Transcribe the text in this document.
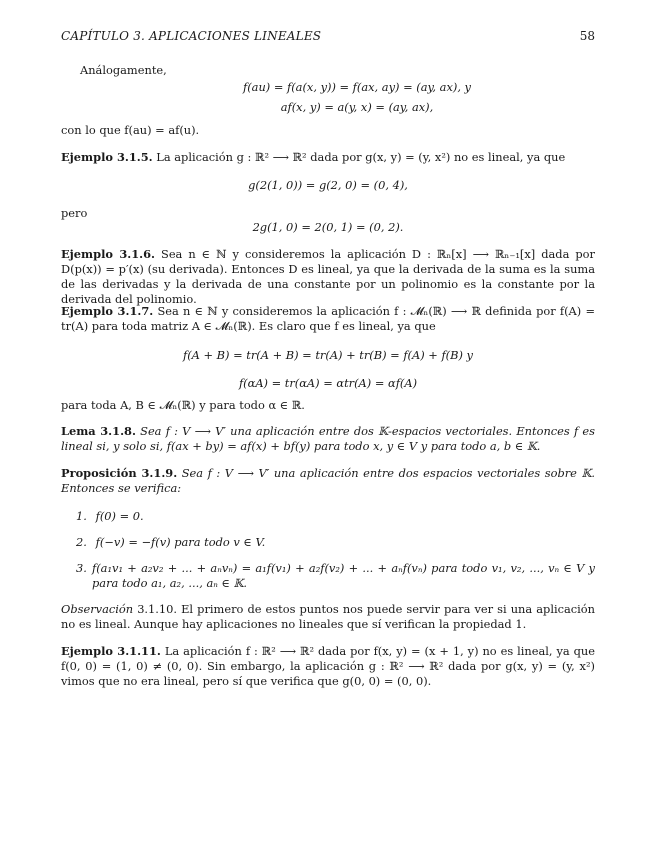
CAPÍTULO 3. APLICACIONES LINEALES	58
Análogamente,
f(au) = f(a(x, y)) = f(ax, ay) = (ay, ax), y
af(x, y) = a(y, x) = (ay, ax),
con lo que f(au) = af(u).
Ejemplo 3.1.5. La aplicación g : ℝ² ⟶ ℝ² dada por g(x, y) = (y, x²) no es lineal, ya que
g(2(1, 0)) = g(2, 0) = (0, 4),
pero
2g(1, 0) = 2(0, 1) = (0, 2).
Ejemplo 3.1.6. Sea n ∈ ℕ y consideremos la aplicación D : ℝₙ[x] ⟶ ℝₙ₋₁[x] dada por D(p(x)) = p′(x) (su derivada). Entonces D es lineal, ya que la derivada de la suma es la suma de las derivadas y la derivada de una constante por un polinomio es la constante por la derivada del polinomio.
Ejemplo 3.1.7. Sea n ∈ ℕ y consideremos la aplicación f : 𝓜ₙ(ℝ) ⟶ ℝ definida por f(A) = tr(A) para toda matriz A ∈ 𝓜ₙ(ℝ). Es claro que f es lineal, ya que
f(A + B) = tr(A + B) = tr(A) + tr(B) = f(A) + f(B) y
f(αA) = tr(αA) = αtr(A) = αf(A)
para toda A, B ∈ 𝓜ₙ(ℝ) y para todo α ∈ ℝ.
Lema 3.1.8. Sea f : V ⟶ V′ una aplicación entre dos 𝕂-espacios vectoriales. Entonces f es lineal si, y solo si, f(ax + by) = af(x) + bf(y) para todo x, y ∈ V y para todo a, b ∈ 𝕂.
Proposición 3.1.9. Sea f : V ⟶ V′ una aplicación entre dos espacios vectoriales sobre 𝕂. Entonces se verifica:
1. f(0) = 0.
2. f(−v) = −f(v) para todo v ∈ V.
3. f(a₁v₁ + a₂v₂ + ... + aₙvₙ) = a₁f(v₁) + a₂f(v₂) + ... + aₙf(vₙ) para todo v₁, v₂, ..., vₙ ∈ V y para todo a₁, a₂, ..., aₙ ∈ 𝕂.
Observación 3.1.10. El primero de estos puntos nos puede servir para ver si una aplicación no es lineal. Aunque hay aplicaciones no lineales que sí verifican la propiedad 1.
Ejemplo 3.1.11. La aplicación f : ℝ² ⟶ ℝ² dada por f(x, y) = (x + 1, y) no es lineal, ya que f(0, 0) = (1, 0) ≠ (0, 0). Sin embargo, la aplicación g : ℝ² ⟶ ℝ² dada por g(x, y) = (y, x²) vimos que no era lineal, pero sí que verifica que g(0, 0) = (0, 0).
